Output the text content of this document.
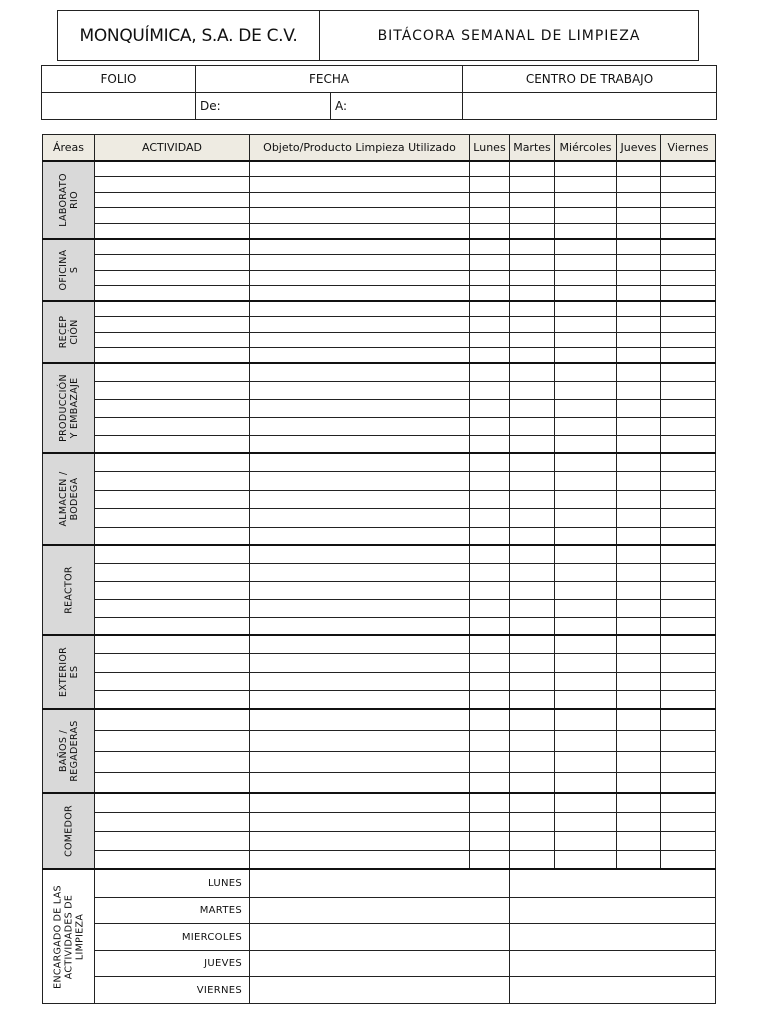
MONQUÍMICA, S.A. DE C.V.	BITÁCORA SEMANAL DE LIMPIEZA
FOLIO	FECHA		CENTRO DE TRABAJO
	De:	A:	
Áreas	ACTIVIDAD	Objeto/Producto Limpieza Utilizado	Lunes	Martes	Miércoles	Jueves	Viernes

LABORATO RIO							

OFICINA S							

RECEP CIÓN							

PRODUCCIÓN Y EMBAZAJE							

ALMACEN / BODEGA							

REACTOR							

EXTERIOR ES							

BAÑOS / REGADERAS							

COMEDOR							

ENCARGADO DE LAS ACTIVIDADES DE LIMPIEZA	LUNES						
	MARTES						
	MIERCOLES						
	JUEVES						
	VIERNES						
